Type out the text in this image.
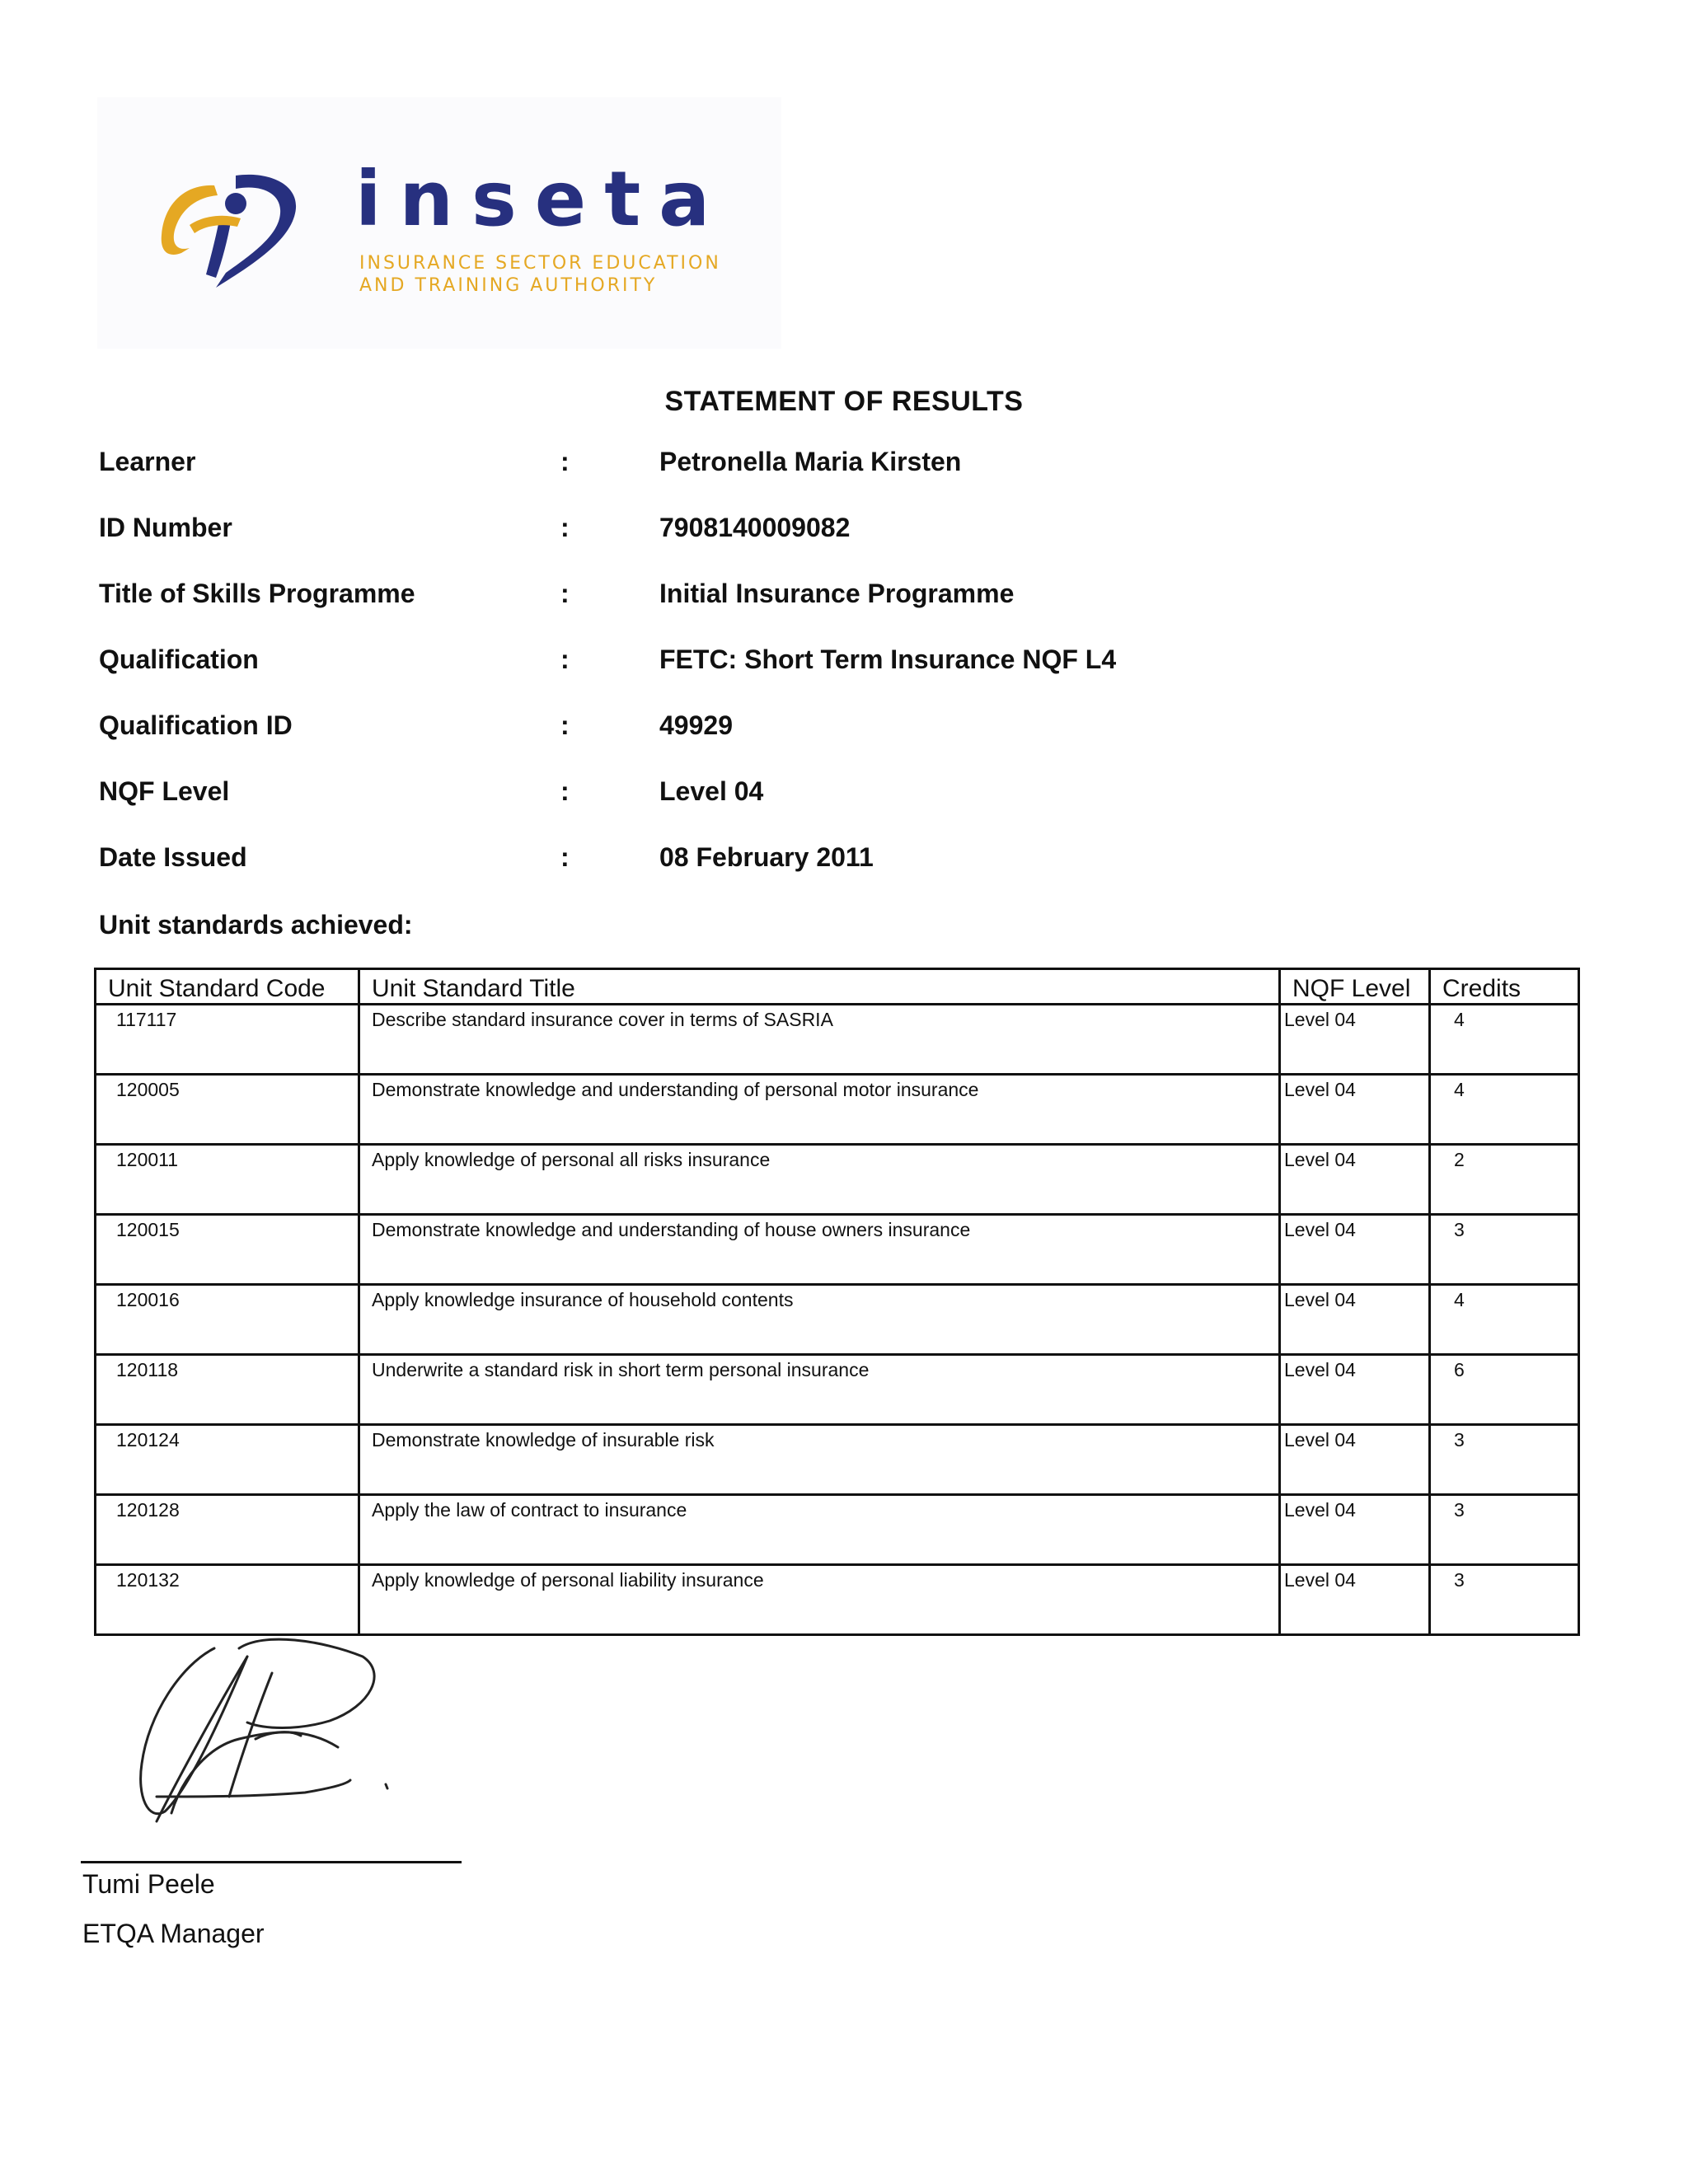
inseta
INSURANCE SECTOR EDUCATION
AND TRAINING AUTHORITY
STATEMENT OF RESULTS
Learner	:	Petronella Maria Kirsten
ID Number	:	7908140009082
Title of Skills Programme	:	Initial Insurance Programme
Qualification	:	FETC: Short Term Insurance NQF L4
Qualification ID	:	49929
NQF Level	:	Level 04
Date Issued	:	08 February 2011
Unit standards achieved:
Unit Standard Code	Unit Standard Title	NQF Level	Credits
117117	Describe standard insurance cover in terms of SASRIA	Level 04	4
120005	Demonstrate knowledge and understanding of personal motor insurance	Level 04	4
120011	Apply knowledge of personal all risks insurance	Level 04	2
120015	Demonstrate knowledge and understanding of house owners insurance	Level 04	3
120016	Apply knowledge insurance of household contents	Level 04	4
120118	Underwrite a standard risk in short term personal insurance	Level 04	6
120124	Demonstrate knowledge of insurable risk	Level 04	3
120128	Apply the law of contract to insurance	Level 04	3
120132	Apply knowledge of personal liability insurance	Level 04	3
Tumi Peele
ETQA Manager
